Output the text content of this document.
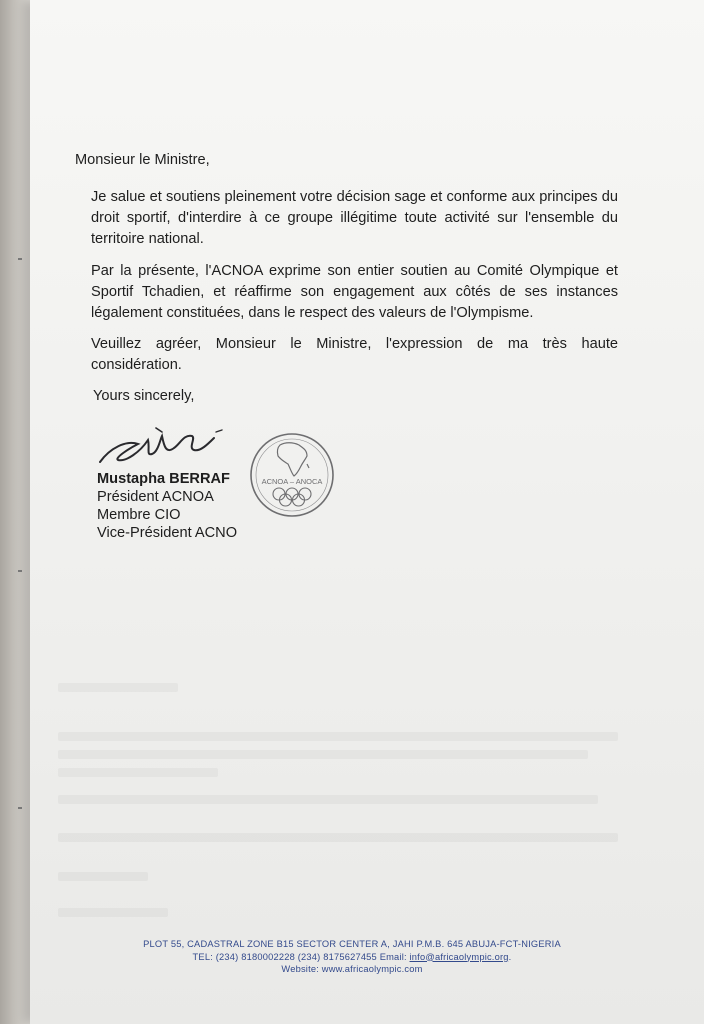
Monsieur le Ministre,
Je salue et soutiens pleinement votre décision sage et conforme aux principes du droit sportif, d'interdire à ce groupe illégitime toute activité sur l'ensemble du territoire national.
Par la présente, l'ACNOA exprime son entier soutien au Comité Olympique et Sportif Tchadien, et réaffirme son engagement aux côtés de ses instances légalement constituées, dans le respect des valeurs de l'Olympisme.
Veuillez agréer, Monsieur le Ministre, l'expression de ma très haute considération.
Yours sincerely,
Mustapha BERRAF
Président ACNOA
Membre CIO
Vice-Président ACNO
ACNOA – ANOCA
PLOT 55, CADASTRAL ZONE B15 SECTOR CENTER A, JAHI P.M.B. 645 ABUJA-FCT-NIGERIA
TEL: (234) 8180002228 (234) 8175627455 Email: info@africaolympic.org.
Website: www.africaolympic.com
